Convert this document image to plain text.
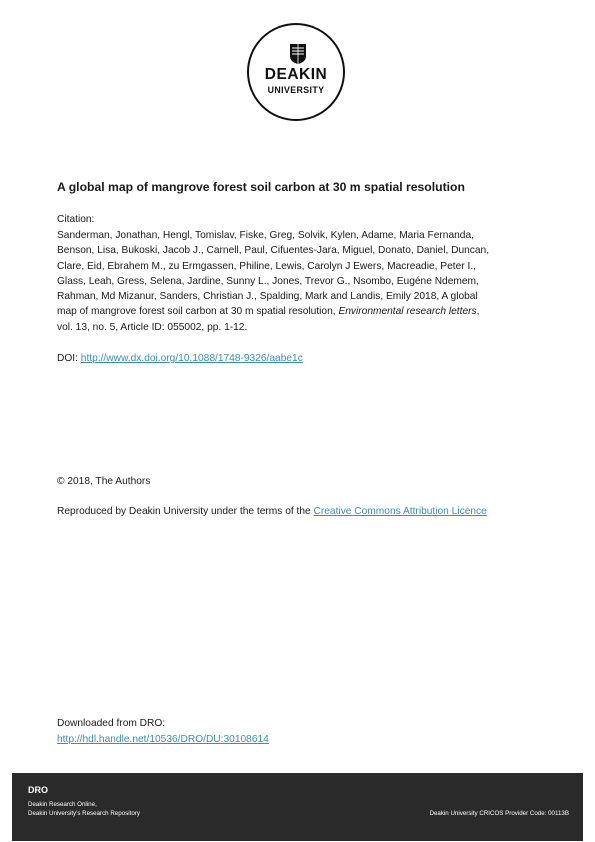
DEAKIN
UNIVERSITY
A global map of mangrove forest soil carbon at 30 m spatial resolution
Citation:
Sanderman, Jonathan, Hengl, Tomislav, Fiske, Greg, Solvik, Kylen, Adame, Maria Fernanda,
Benson, Lisa, Bukoski, Jacob J., Carnell, Paul, Cifuentes-Jara, Miguel, Donato, Daniel, Duncan,
Clare, Eid, Ebrahem M., zu Ermgassen, Philine, Lewis, Carolyn J Ewers, Macreadie, Peter I.,
Glass, Leah, Gress, Selena, Jardine, Sunny L., Jones, Trevor G., Nsombo, Eugéne Ndemem,
Rahman, Md Mizanur, Sanders, Christian J., Spalding, Mark and Landis, Emily 2018, A global
map of mangrove forest soil carbon at 30 m spatial resolution, Environmental research letters,
vol. 13, no. 5, Article ID: 055002, pp. 1-12.
DOI: http://www.dx.doi.org/10.1088/1748-9326/aabe1c
© 2018, The Authors
Reproduced by Deakin University under the terms of the Creative Commons Attribution Licence
Downloaded from DRO:
http://hdl.handle.net/10536/DRO/DU:30108614
DRO
Deakin Research Online,
Deakin University's Research Repository	Deakin University CRICOS Provider Code: 00113B
